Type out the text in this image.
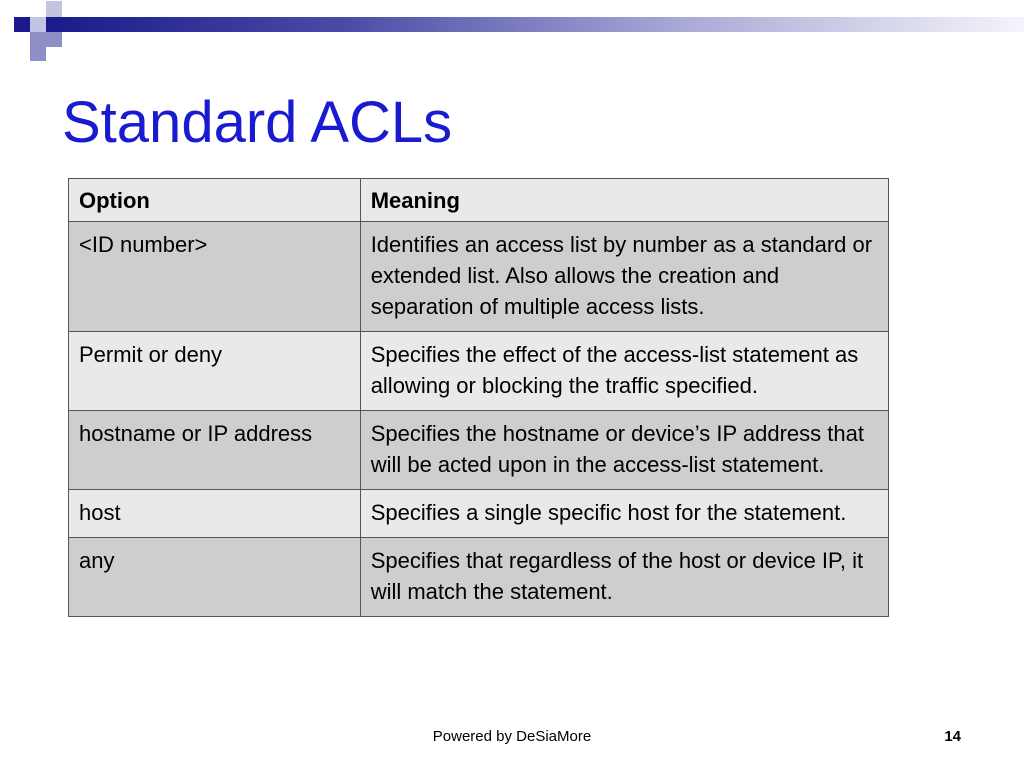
Standard ACLs
Option	Meaning
<ID number>	Identifies an access list by number as a standard or extended list. Also allows the creation and separation of multiple access lists.
Permit or deny	Specifies the effect of the access-list statement as allowing or blocking the traffic specified.
hostname or IP address	Specifies the hostname or device’s IP address that will be acted upon in the access-list statement.
host	Specifies a single specific host for the statement.
any	Specifies that regardless of the host or device IP, it will match the statement.
Powered by DeSiaMore	14
